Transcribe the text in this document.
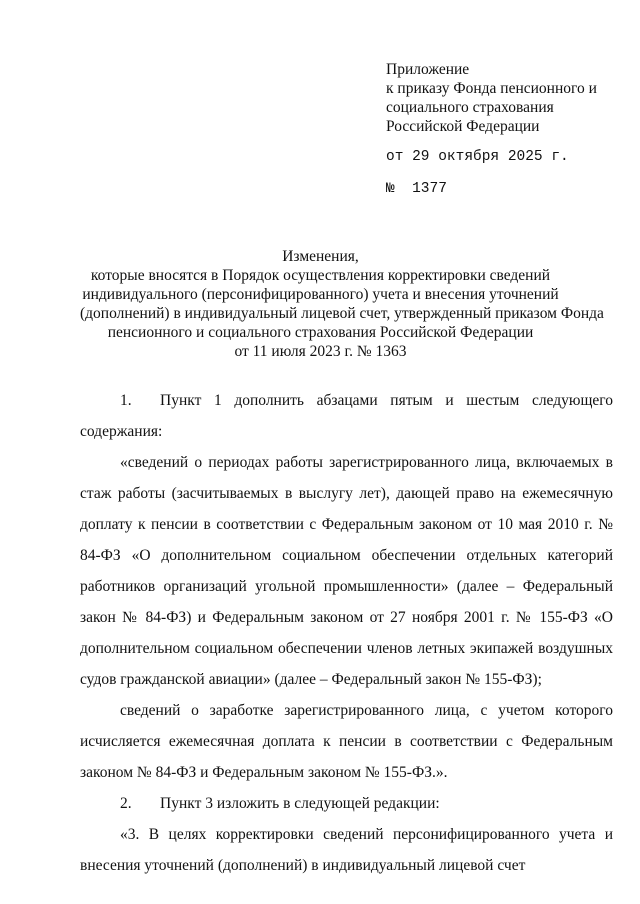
Приложение
к приказу Фонда пенсионного и
социального страхования
Российской Федерации
от 29 октября 2025 г.
№  1377
Изменения,
которые вносятся в Порядок осуществления корректировки сведений
индивидуального (персонифицированного) учета и внесения уточнений
(дополнений) в индивидуальный лицевой счет, утвержденный приказом Фонда
пенсионного и социального страхования Российской Федерации
от 11 июля 2023 г. № 1363

1. Пункт 1 дополнить абзацами пятым и шестым следующего содержания:

«сведений о периодах работы зарегистрированного лица, включаемых в стаж работы (засчитываемых в выслугу лет), дающей право на ежемесячную доплату к пенсии в соответствии с Федеральным законом от 10 мая 2010 г. № 84-ФЗ «О дополнительном социальном обеспечении отдельных категорий работников организаций угольной промышленности» (далее – Федеральный закон № 84-ФЗ) и Федеральным законом от 27 ноября 2001 г. № 155-ФЗ «О дополнительном социальном обеспечении членов летных экипажей воздушных судов гражданской авиации» (далее – Федеральный закон № 155-ФЗ);

сведений о заработке зарегистрированного лица, с учетом которого исчисляется ежемесячная доплата к пенсии в соответствии с Федеральным законом № 84-ФЗ и Федеральным законом № 155-ФЗ.».

2. Пункт 3 изложить в следующей редакции:

«3. В целях корректировки сведений персонифицированного учета и внесения уточнений (дополнений) в индивидуальный лицевой счет
